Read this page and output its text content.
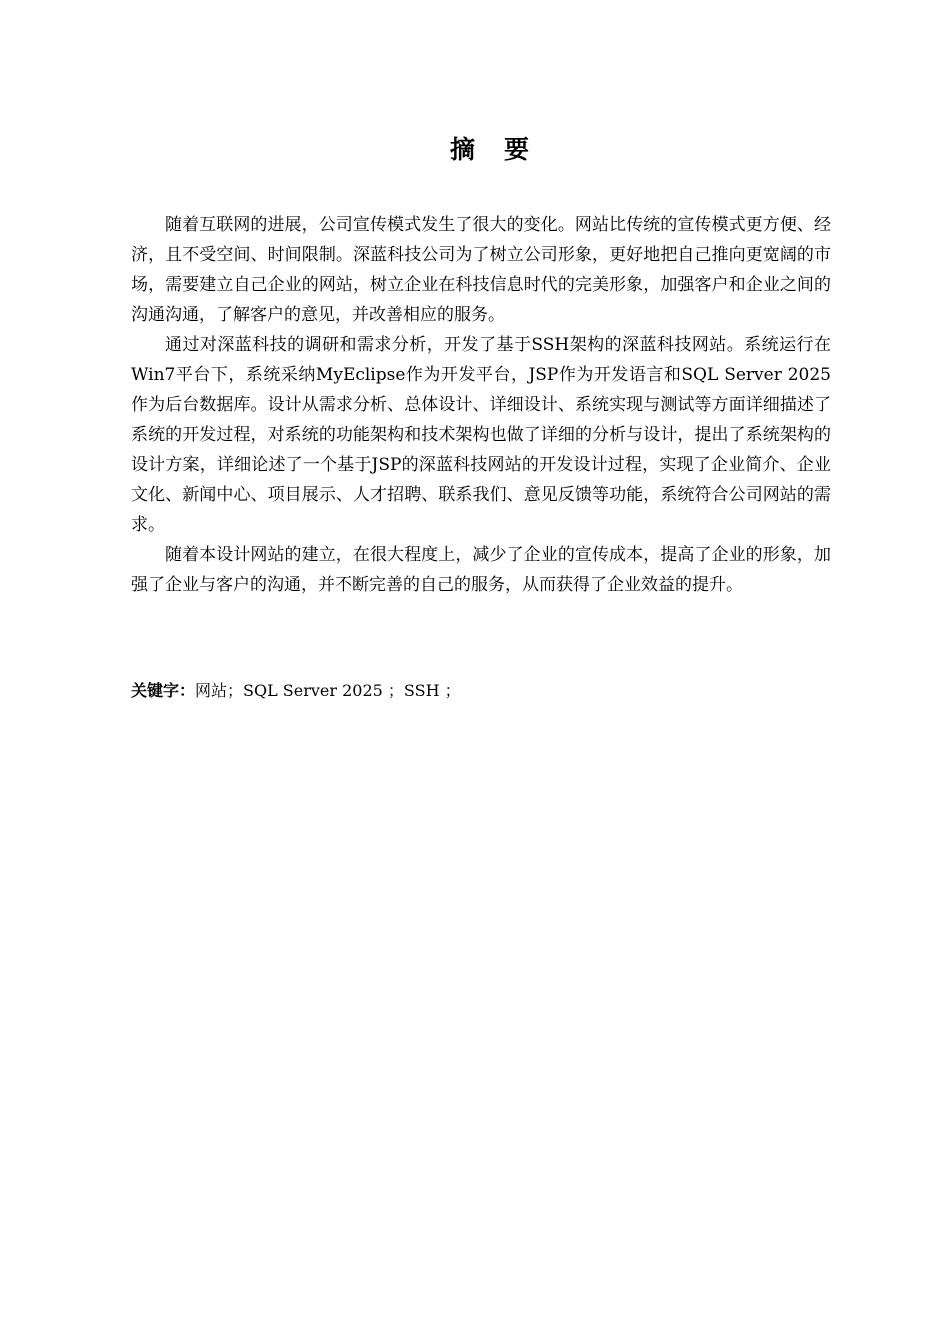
摘要

随着互联网的进展，公司宣传模式发生了很大的变化。网站比传统的宣传模式更方便、经济，且不受空间、时间限制。深蓝科技公司为了树立公司形象，更好地把自己推向更宽阔的市场，需要建立自己企业的网站，树立企业在科技信息时代的完美形象，加强客户和企业之间的沟通沟通，了解客户的意见，并改善相应的服务。

通过对深蓝科技的调研和需求分析，开发了基于SSH架构的深蓝科技网站。系统运行在Win7平台下，系统采纳MyEclipse作为开发平台，JSP作为开发语言和SQL Server 2025作为后台数据库。设计从需求分析、总体设计、详细设计、系统实现与测试等方面详细描述了系统的开发过程，对系统的功能架构和技术架构也做了详细的分析与设计，提出了系统架构的设计方案，详细论述了一个基于JSP的深蓝科技网站的开发设计过程，实现了企业简介、企业文化、新闻中心、项目展示、人才招聘、联系我们、意见反馈等功能，系统符合公司网站的需求。

随着本设计网站的建立，在很大程度上，减少了企业的宣传成本，提高了企业的形象，加强了企业与客户的沟通，并不断完善的自己的服务，从而获得了企业效益的提升。

关键字：网站；SQL Server 2025 ；SSH ；
